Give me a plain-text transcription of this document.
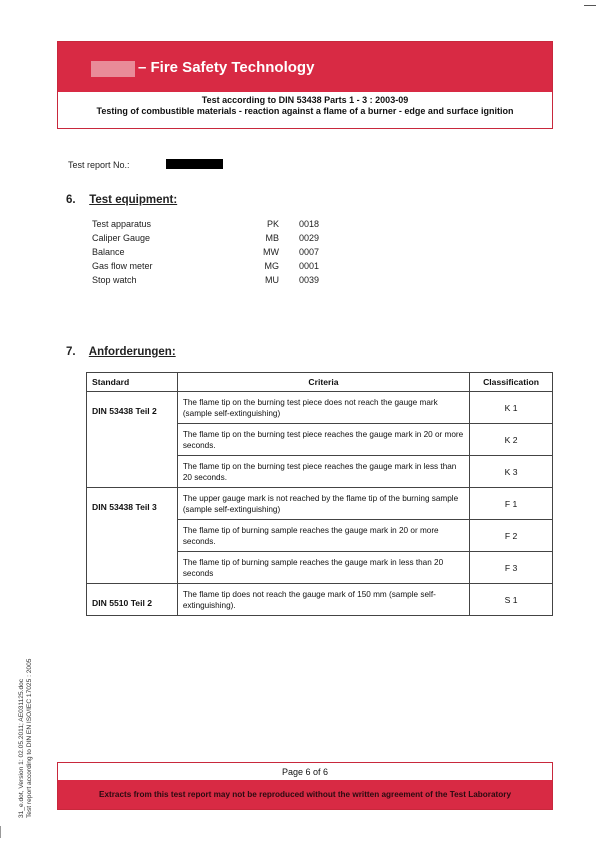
– Fire Safety Technology
Test according to DIN 53438 Parts 1 - 3 : 2003-09
Testing of combustible materials - reaction against a flame of a burner - edge and surface ignition
Test report No.:
6. Test equipment:
Test apparatus	PK 0018
Caliper Gauge	MB 0029
Balance	MW 0007
Gas flow meter	MG 0001
Stop watch	MU 0039
7. Anforderungen:
Standard	Criteria	Classification
DIN 53438 Teil 2	The flame tip on the burning test piece does not reach the gauge mark (sample self-extinguishing)	K 1
	The flame tip on the burning test piece reaches the gauge mark in 20 or more seconds.	K 2
	The flame tip on the burning test piece reaches the gauge mark in less than 20 seconds.	K 3
DIN 53438 Teil 3	The upper gauge mark is not reached by the flame tip of the burning sample (sample self-extinguishing)	F 1
	The flame tip of burning sample reaches the gauge mark in 20 or more seconds.	F 2
	The flame tip of burning sample reaches the gauge mark in less than 20 seconds	F 3
DIN 5510 Teil 2	The flame tip does not reach the gauge mark of 150 mm (sample self-extinguishing).	S 1
31_e.dot, Version 1: 02.05.2011; AE031125.doc Test report according to DIN EN ISO/IEC 17025 : 2005	Page 6 of 6
Extracts from this test report may not be reproduced without the written agreement of the Test Laboratory
